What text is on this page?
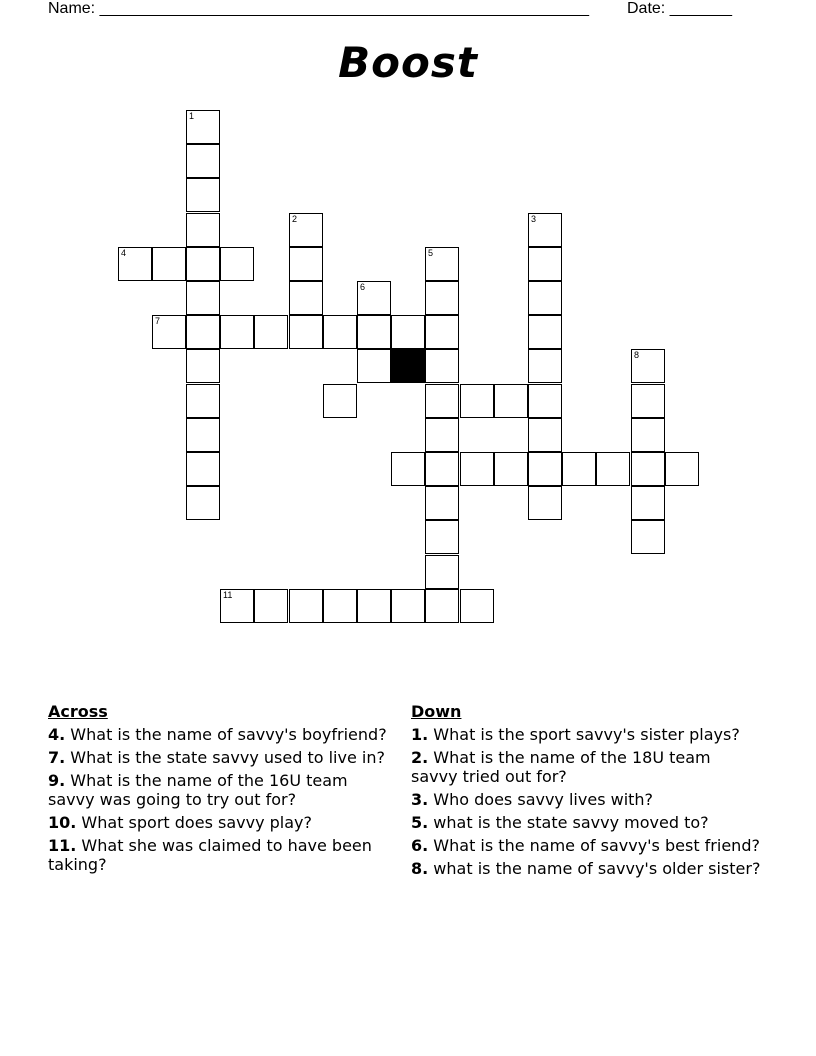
Name: _______________________________________________________ Date: _______
Boost
1
2	3
4	5
6
7
8
11
Across
4. What is the name of savvy's boyfriend?
7. What is the state savvy used to live in?
9. What is the name of the 16U team savvy was going to try out for?
10. What sport does savvy play?
11. What she was claimed to have been taking?
Down
1. What is the sport savvy's sister plays?
2. What is the name of the 18U team savvy tried out for?
3. Who does savvy lives with?
5. what is the state savvy moved to?
6. What is the name of savvy's best friend?
8. what is the name of savvy's older sister?
